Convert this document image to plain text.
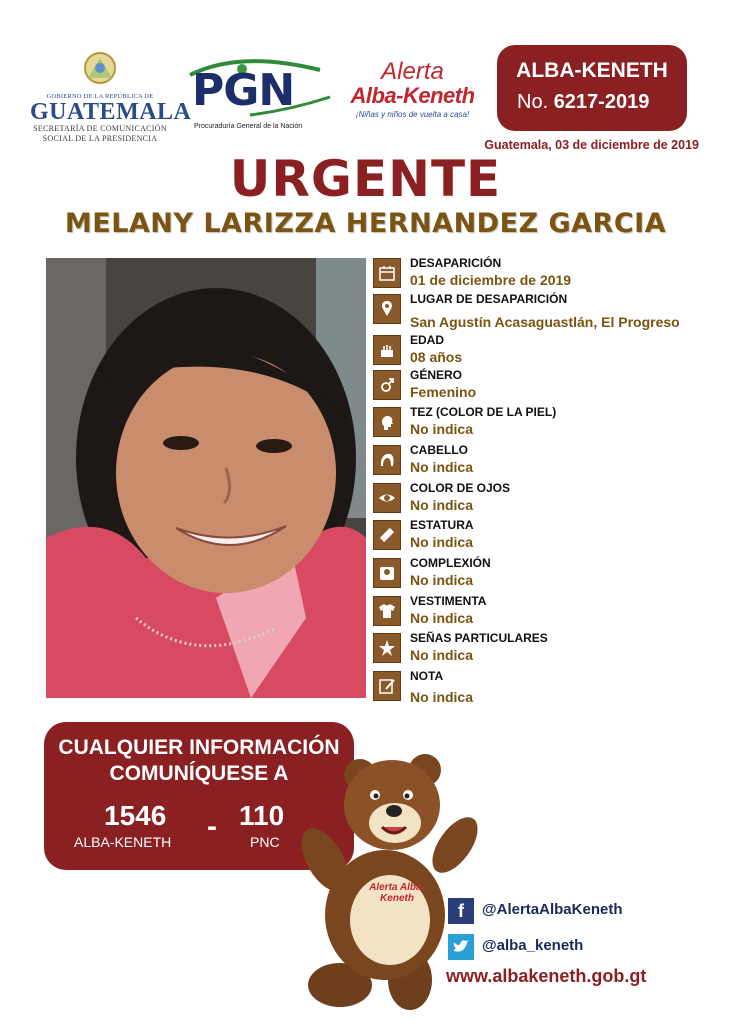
GOBIERNO DE LA REPÚBLICA DE
GUATEMALA
SECRETARÍA DE COMUNICACIÓN
SOCIAL DE LA PRESIDENCIA
PGN
Procuraduría General de la Nación
Alerta
Alba-Keneth
¡Niñas y niños de vuelta a casa!
ALBA-KENETH
No. 6217-2019
Guatemala, 03 de diciembre de 2019
URGENTE
MELANY LARIZZA HERNANDEZ GARCIA
DESAPARICIÓN
01 de diciembre de 2019
LUGAR DE DESAPARICIÓN
San Agustín Acasaguastlán, El Progreso
EDAD
08 años
GÉNERO
Femenino
TEZ (COLOR DE LA PIEL)
No indica
CABELLO
No indica
COLOR DE OJOS
No indica
ESTATURA
No indica
COMPLEXIÓN
No indica
VESTIMENTA
No indica
SEÑAS PARTICULARES
No indica
NOTA
No indica
CUALQUIER INFORMACIÓN
COMUNÍQUESE A
1546
ALBA-KENETH - 110
PNC
Alerta Alba-Keneth
f	@AlertaAlbaKeneth
@alba_keneth
www.albakeneth.gob.gt
